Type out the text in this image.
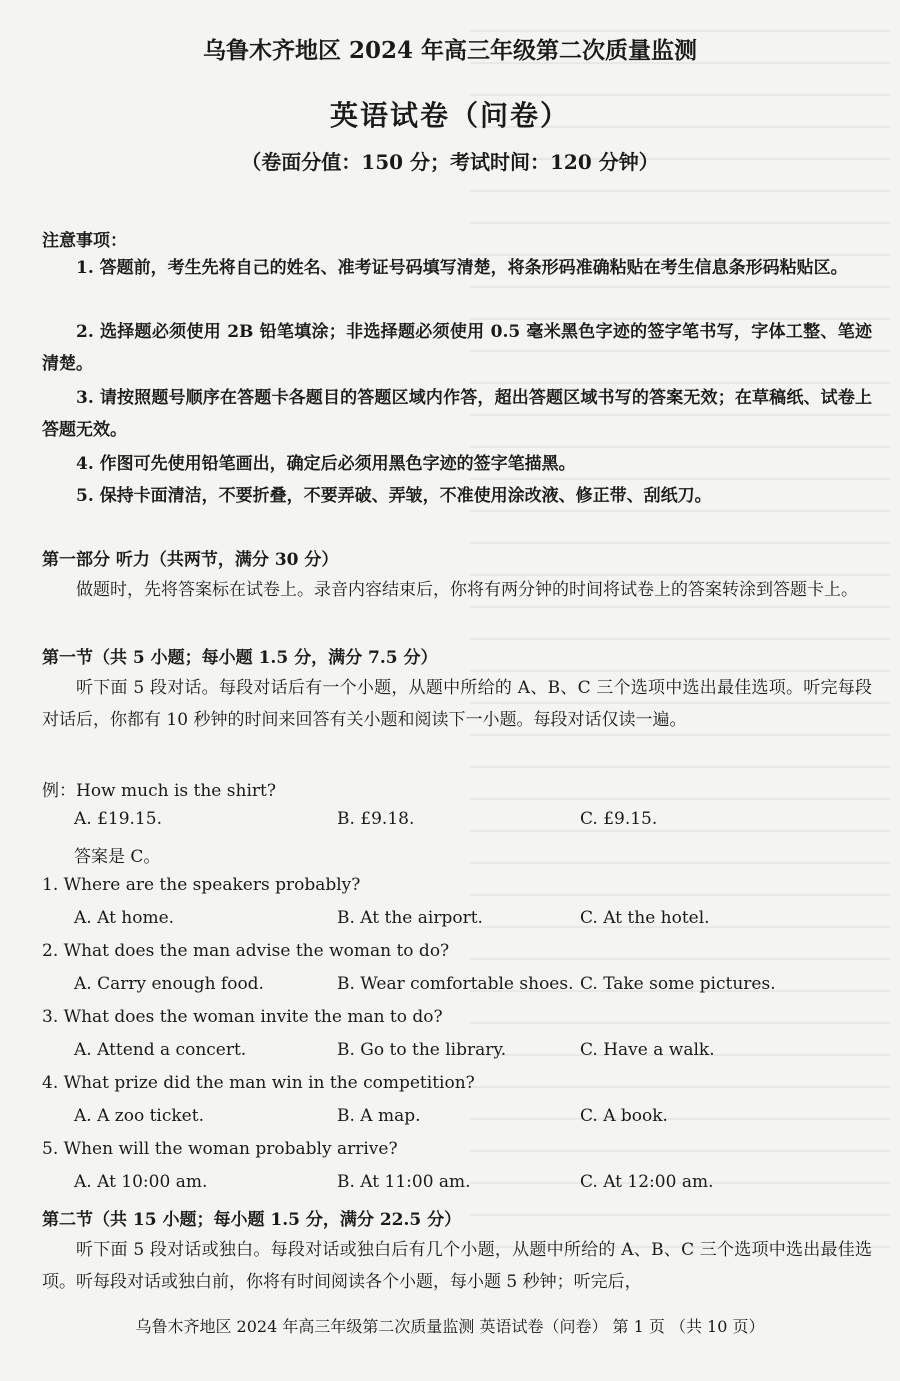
乌鲁木齐地区 2024 年高三年级第二次质量监测
英语试卷（问卷）
（卷面分值：150 分；考试时间：120 分钟）
注意事项：
1. 答题前，考生先将自己的姓名、准考证号码填写清楚，将条形码准确粘贴在考生信息条形码粘贴区。
2. 选择题必须使用 2B 铅笔填涂；非选择题必须使用 0.5 毫米黑色字迹的签字笔书写，字体工整、笔迹清楚。
3. 请按照题号顺序在答题卡各题目的答题区域内作答，超出答题区域书写的答案无效；在草稿纸、试卷上答题无效。
4. 作图可先使用铅笔画出，确定后必须用黑色字迹的签字笔描黑。
5. 保持卡面清洁，不要折叠，不要弄破、弄皱，不准使用涂改液、修正带、刮纸刀。
第一部分 听力（共两节，满分 30 分）
做题时，先将答案标在试卷上。录音内容结束后，你将有两分钟的时间将试卷上的答案转涂到答题卡上。
第一节（共 5 小题；每小题 1.5 分，满分 7.5 分）
听下面 5 段对话。每段对话后有一个小题，从题中所给的 A、B、C 三个选项中选出最佳选项。听完每段对话后，你都有 10 秒钟的时间来回答有关小题和阅读下一小题。每段对话仅读一遍。
例：How much is the shirt?
A. £19.15.	B. £9.18.	C. £9.15.
答案是 C。
1. Where are the speakers probably?
A. At home.	B. At the airport.	C. At the hotel.
2. What does the man advise the woman to do?
A. Carry enough food.	B. Wear comfortable shoes. C. Take some pictures.
3. What does the woman invite the man to do?
A. Attend a concert.	B. Go to the library.	C. Have a walk.
4. What prize did the man win in the competition?
A. A zoo ticket.	B. A map.	C. A book.
5. When will the woman probably arrive?
A. At 10:00 am.	B. At 11:00 am.	C. At 12:00 am.
第二节（共 15 小题；每小题 1.5 分，满分 22.5 分）
听下面 5 段对话或独白。每段对话或独白后有几个小题，从题中所给的 A、B、C 三个选项中选出最佳选项。听每段对话或独白前，你将有时间阅读各个小题，每小题 5 秒钟；听完后，
乌鲁木齐地区 2024 年高三年级第二次质量监测 英语试卷（问卷） 第 1 页 （共 10 页）
